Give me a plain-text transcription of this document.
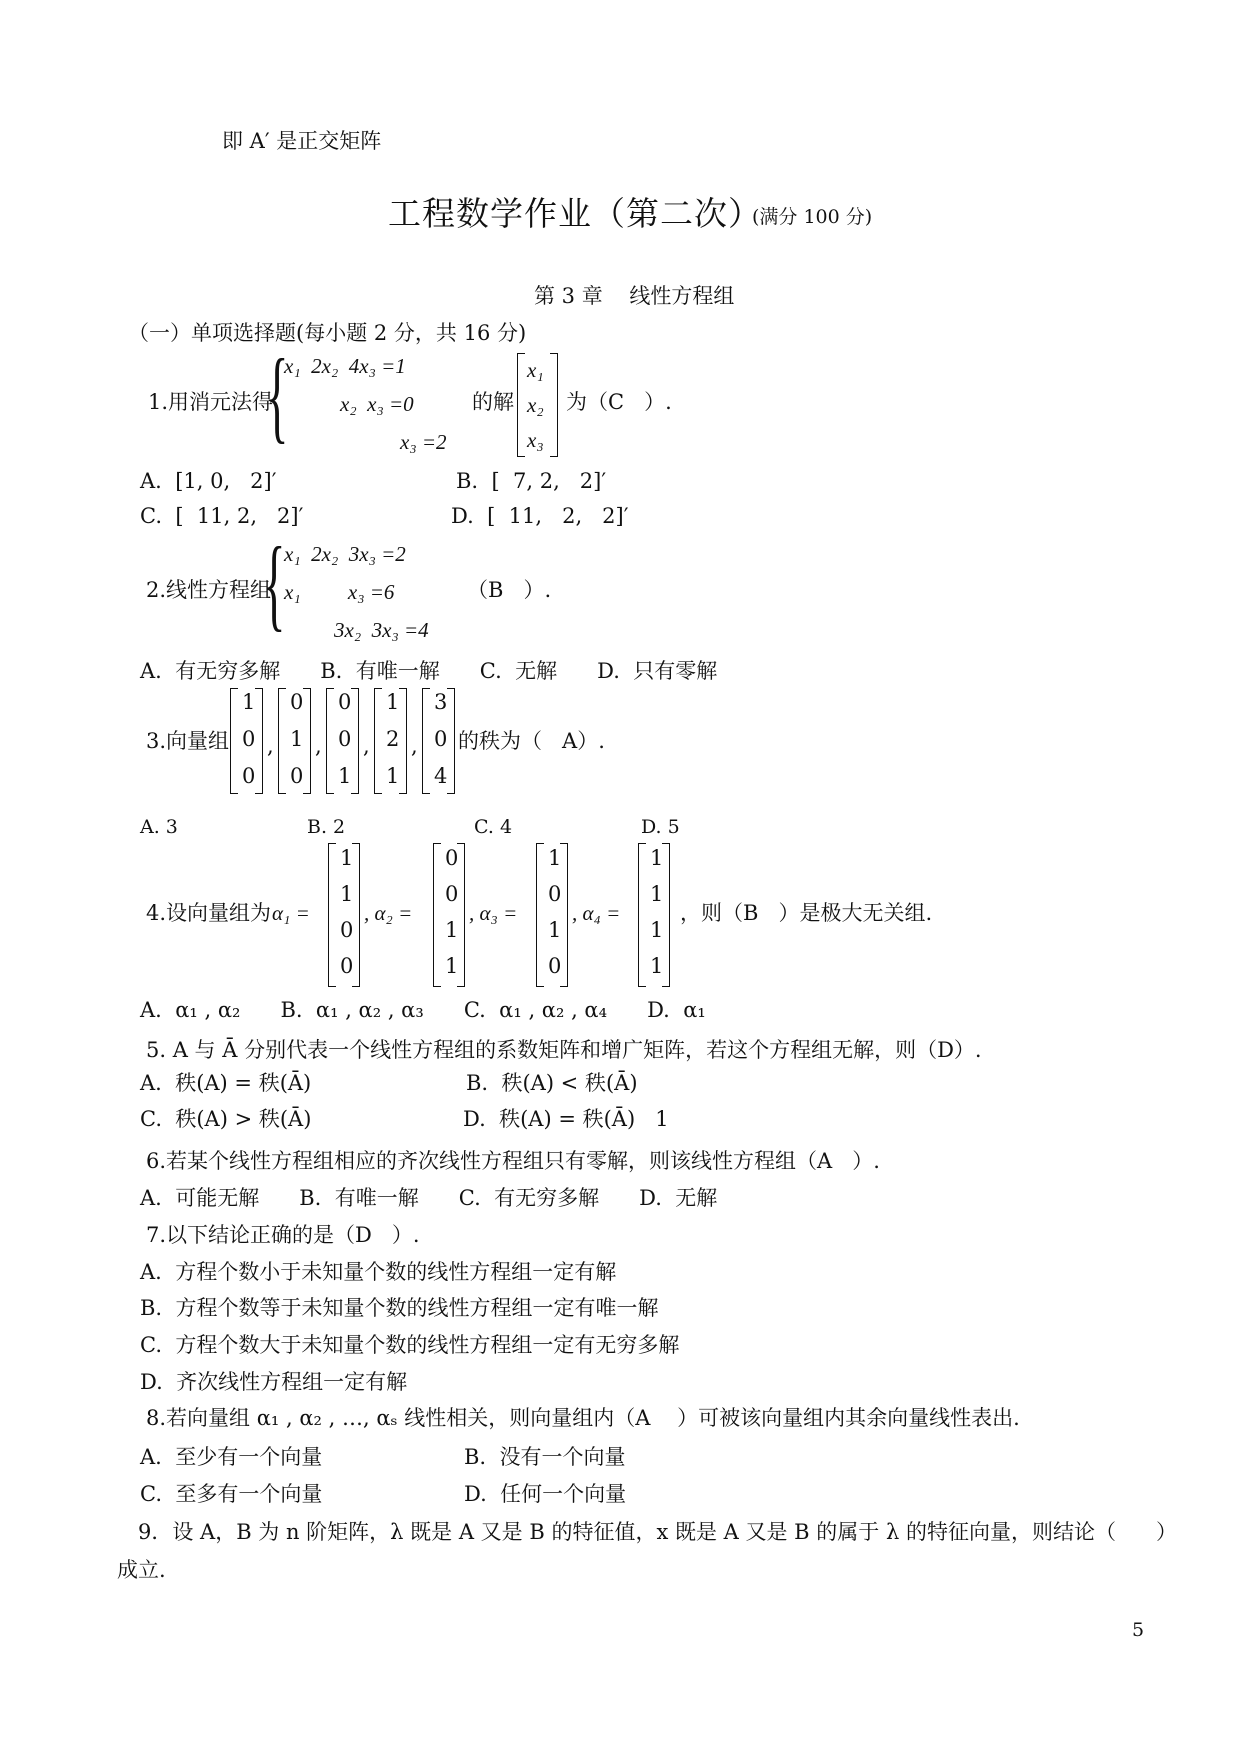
即 A′ 是正交矩阵
工程数学作业（第二次）
(满分 100 分)
第 3 章    线性方程组
（一）单项选择题(每小题 2 分，共 16 分)
1.用消元法得
{
x₁  2x₂  4x₃ =1
x₂  x₃ =0
x₃ =2
的解
x₁
x₂
x₃
为（C   ）.
A.  [1, 0,   2]′	B.  [  7, 2,   2]′
C.  [  11, 2,   2]′	D.  [  11,   2,   2]′
2.线性方程组
{
x₁  2x₂  3x₃ =2
x₁         x₃ =6
3x₂  3x₃ =4
（B   ）.
A.  有无穷多解      B.  有唯一解      C.  无解      D.  只有零解
3.向量组
1
0
0
,
0
1
0
,
0
0
1
,
1
2
1
,
3
0
4
的秩为（   A）.
A. 3	B. 2	C. 4	D. 5
4.设向量组为 α₁ =
1
1
0
0
, α₂ =
0
0
1
1
, α₃ =
1
0
1
0
, α₄ =
1
1
1
1
，则（B   ）是极大无关组.
A.  α₁ , α₂      B.  α₁ , α₂ , α₃      C.  α₁ , α₂ , α₄      D.  α₁
5. A 与 Ā 分别代表一个线性方程组的系数矩阵和增广矩阵，若这个方程组无解，则（D）.
A.  秩(A) = 秩(Ā)	B.  秩(A) < 秩(Ā)
C.  秩(A) > 秩(Ā)	D.  秩(A) = 秩(Ā)   1
6.若某个线性方程组相应的齐次线性方程组只有零解，则该线性方程组（A   ）.
A.  可能无解      B.  有唯一解      C.  有无穷多解      D.  无解
7.以下结论正确的是（D   ）.
A.  方程个数小于未知量个数的线性方程组一定有解
B.  方程个数等于未知量个数的线性方程组一定有唯一解
C.  方程个数大于未知量个数的线性方程组一定有无穷多解
D.  齐次线性方程组一定有解
8.若向量组 α₁ , α₂ , …, αₛ 线性相关，则向量组内（A    ）可被该向量组内其余向量线性表出.
A.  至少有一个向量	B.  没有一个向量
C.  至多有一个向量	D.  任何一个向量
9．设 A，B 为 n 阶矩阵，λ 既是 A 又是 B 的特征值，x 既是 A 又是 B 的属于 λ 的特征向量，则结论（      ）
成立.
5
